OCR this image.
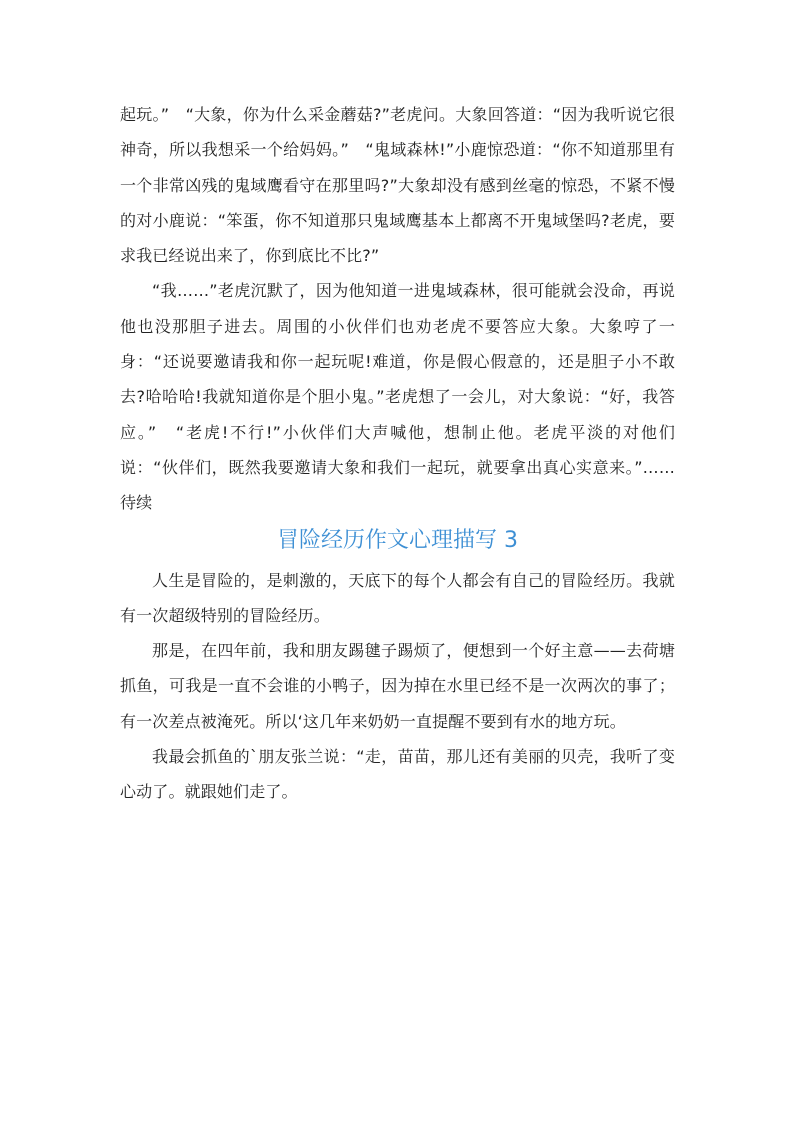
起玩。”　“大象，你为什么采金蘑菇?”老虎问。大象回答道：“因为我听说它很神奇，所以我想采一个给妈妈。”　“鬼域森林!”小鹿惊恐道：“你不知道那里有一个非常凶残的鬼域鹰看守在那里吗?”大象却没有感到丝毫的惊恐，不紧不慢的对小鹿说：“笨蛋，你不知道那只鬼域鹰基本上都离不开鬼域堡吗?老虎，要求我已经说出来了，你到底比不比?”

“我……”老虎沉默了，因为他知道一进鬼域森林，很可能就会没命，再说他也没那胆子进去。周围的小伙伴们也劝老虎不要答应大象。大象哼了一身：“还说要邀请我和你一起玩呢!难道，你是假心假意的，还是胆子小不敢去?哈哈哈!我就知道你是个胆小鬼。”老虎想了一会儿，对大象说：“好，我答应。”　“老虎!不行!”小伙伴们大声喊他，想制止他。老虎平淡的对他们说：“伙伴们，既然我要邀请大象和我们一起玩，就要拿出真心实意来。”……待续

冒险经历作文心理描写 3

人生是冒险的，是刺激的，天底下的每个人都会有自己的冒险经历。我就有一次超级特别的冒险经历。

那是，在四年前，我和朋友踢毽子踢烦了，便想到一个好主意——去荷塘抓鱼，可我是一直不会谁的小鸭子，因为掉在水里已经不是一次两次的事了；有一次差点被淹死。所以‘这几年来奶奶一直提醒不要到有水的地方玩。

我最会抓鱼的`朋友张兰说：“走，苗苗，那儿还有美丽的贝壳，我听了变心动了。就跟她们走了。
